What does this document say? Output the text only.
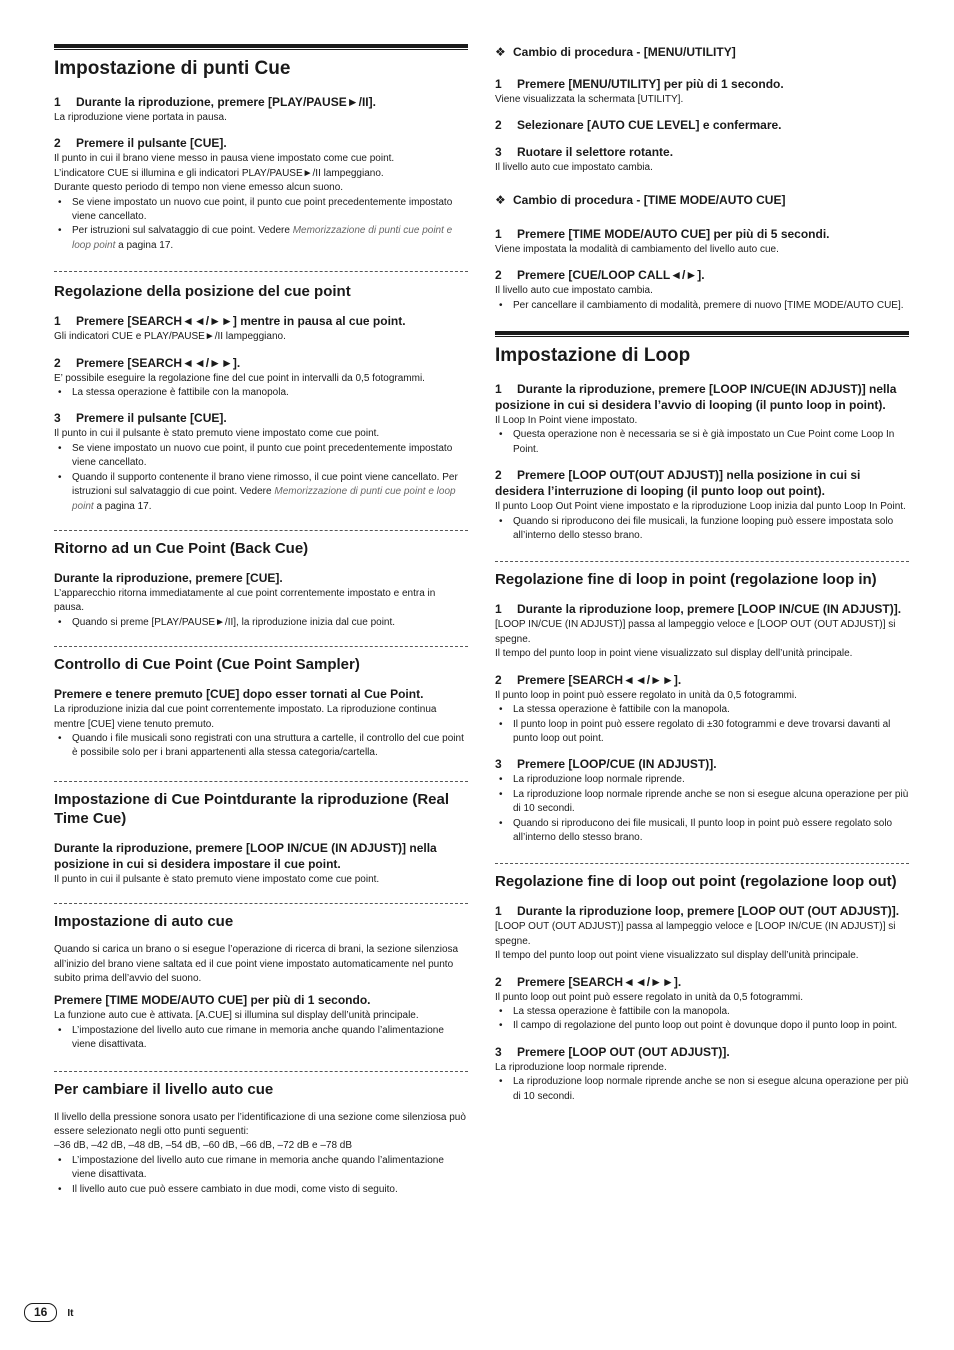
Impostazione di punti Cue
1 Durante la riproduzione, premere [PLAY/PAUSE►/II].

La riproduzione viene portata in pausa.

2 Premere il pulsante [CUE].

Il punto in cui il brano viene messo in pausa viene impostato come cue point.

L’indicatore CUE si illumina e gli indicatori PLAY/PAUSE►/II lampeggiano.

Durante questo periodo di tempo non viene emesso alcun suono.

• Se viene impostato un nuovo cue point, il punto cue point precedentemente impostato viene cancellato.
• Per istruzioni sul salvataggio di cue point. Vedere Memorizzazione di punti cue point e loop point a pagina 17.
Regolazione della posizione del cue point
1 Premere [SEARCH◄◄/►►] mentre in pausa al cue point.

Gli indicatori CUE e PLAY/PAUSE►/II lampeggiano.

2 Premere [SEARCH◄◄/►►].

E’ possibile eseguire la regolazione fine del cue point in intervalli da 0,5 fotogrammi.

• La stessa operazione è fattibile con la manopola.
3 Premere il pulsante [CUE].

Il punto in cui il pulsante è stato premuto viene impostato come cue point.

• Se viene impostato un nuovo cue point, il punto cue point precedentemente impostato viene cancellato.
• Quando il supporto contenente il brano viene rimosso, il cue point viene cancellato. Per istruzioni sul salvataggio di cue point. Vedere Memorizzazione di punti cue point e loop point a pagina 17.
Ritorno ad un Cue Point (Back Cue)
Durante la riproduzione, premere [CUE].

L’apparecchio ritorna immediatamente al cue point correntemente impostato e entra in pausa.

• Quando si preme [PLAY/PAUSE►/II], la riproduzione inizia dal cue point.
Controllo di Cue Point (Cue Point Sampler)
Premere e tenere premuto [CUE] dopo esser tornati al Cue Point.

La riproduzione inizia dal cue point correntemente impostato. La riproduzione continua mentre [CUE] viene tenuto premuto.

• Quando i file musicali sono registrati con una struttura a cartelle, il controllo del cue point è possibile solo per i brani appartenenti alla stessa categoria/cartella.
Impostazione di Cue Pointdurante la riproduzione (Real Time Cue)
Durante la riproduzione, premere [LOOP IN/CUE (IN ADJUST)] nella posizione in cui si desidera impostare il cue point.

Il punto in cui il pulsante è stato premuto viene impostato come cue point.

Impostazione di auto cue

Quando si carica un brano o si esegue l’operazione di ricerca di brani, la sezione silenziosa all’inizio del brano viene saltata ed il cue point viene impostato automaticamente nel punto subito prima dell’avvio del suono.

Premere [TIME MODE/AUTO CUE] per più di 1 secondo.

La funzione auto cue è attivata. [A.CUE] si illumina sul display dell’unità principale.

• L’impostazione del livello auto cue rimane in memoria anche quando l’alimentazione viene disattivata.
Per cambiare il livello auto cue

Il livello della pressione sonora usato per l’identificazione di una sezione come silenziosa può essere selezionato negli otto punti seguenti:

–36 dB, –42 dB, –48 dB, –54 dB, –60 dB, –66 dB, –72 dB e –78 dB

• L’impostazione del livello auto cue rimane in memoria anche quando l’alimentazione viene disattivata.
• Il livello auto cue può essere cambiato in due modi, come visto di seguito.
❖ Cambio di procedura - [MENU/UTILITY]
1 Premere [MENU/UTILITY] per più di 1 secondo.

Viene visualizzata la schermata [UTILITY].

2 Selezionare [AUTO CUE LEVEL] e confermare.
3 Ruotare il selettore rotante.

Il livello auto cue impostato cambia.

❖ Cambio di procedura - [TIME MODE/AUTO CUE]
1 Premere [TIME MODE/AUTO CUE] per più di 5 secondi.

Viene impostata la modalità di cambiamento del livello auto cue.

2 Premere [CUE/LOOP CALL◄/►].

Il livello auto cue impostato cambia.

• Per cancellare il cambiamento di modalità, premere di nuovo [TIME MODE/AUTO CUE].
Impostazione di Loop
1 Durante la riproduzione, premere [LOOP IN/CUE(IN ADJUST)] nella posizione in cui si desidera l’avvio di looping (il punto loop in point).

Il Loop In Point viene impostato.

• Questa operazione non è necessaria se si è già impostato un Cue Point come Loop In Point.
2 Premere [LOOP OUT(OUT ADJUST)] nella posizione in cui si desidera l’interruzione di looping (il punto loop out point).

Il punto Loop Out Point viene impostato e la riproduzione Loop inizia dal punto Loop In Point.

• Quando si riproducono dei file musicali, la funzione looping può essere impostata solo all’interno dello stesso brano.
Regolazione fine di loop in point (regolazione loop in)
1 Durante la riproduzione loop, premere [LOOP IN/CUE (IN ADJUST)].

[LOOP IN/CUE (IN ADJUST)] passa al lampeggio veloce e [LOOP OUT (OUT ADJUST)] si spegne.

Il tempo del punto loop in point viene visualizzato sul display dell’unità principale.

2 Premere [SEARCH◄◄/►►].

Il punto loop in point può essere regolato in unità da 0,5 fotogrammi.

• La stessa operazione è fattibile con la manopola.
• Il punto loop in point può essere regolato di ±30 fotogrammi e deve trovarsi davanti al punto loop out point.
3 Premere [LOOP/CUE (IN ADJUST)].
• La riproduzione loop normale riprende.
• La riproduzione loop normale riprende anche se non si esegue alcuna operazione per più di 10 secondi.
• Quando si riproducono dei file musicali, Il punto loop in point può essere regolato solo all’interno dello stesso brano.
Regolazione fine di loop out point (regolazione loop out)
1 Durante la riproduzione loop, premere [LOOP OUT (OUT ADJUST)].

[LOOP OUT (OUT ADJUST)] passa al lampeggio veloce e [LOOP IN/CUE (IN ADJUST)] si spegne.

Il tempo del punto loop out point viene visualizzato sul display dell’unità principale.

2 Premere [SEARCH◄◄/►►].

Il punto loop out point può essere regolato in unità da 0,5 fotogrammi.

• La stessa operazione è fattibile con la manopola.
• Il campo di regolazione del punto loop out point è dovunque dopo il punto loop in point.
3 Premere [LOOP OUT (OUT ADJUST)].

La riproduzione loop normale riprende.

• La riproduzione loop normale riprende anche se non si esegue alcuna operazione per più di 10 secondi.
16 It
